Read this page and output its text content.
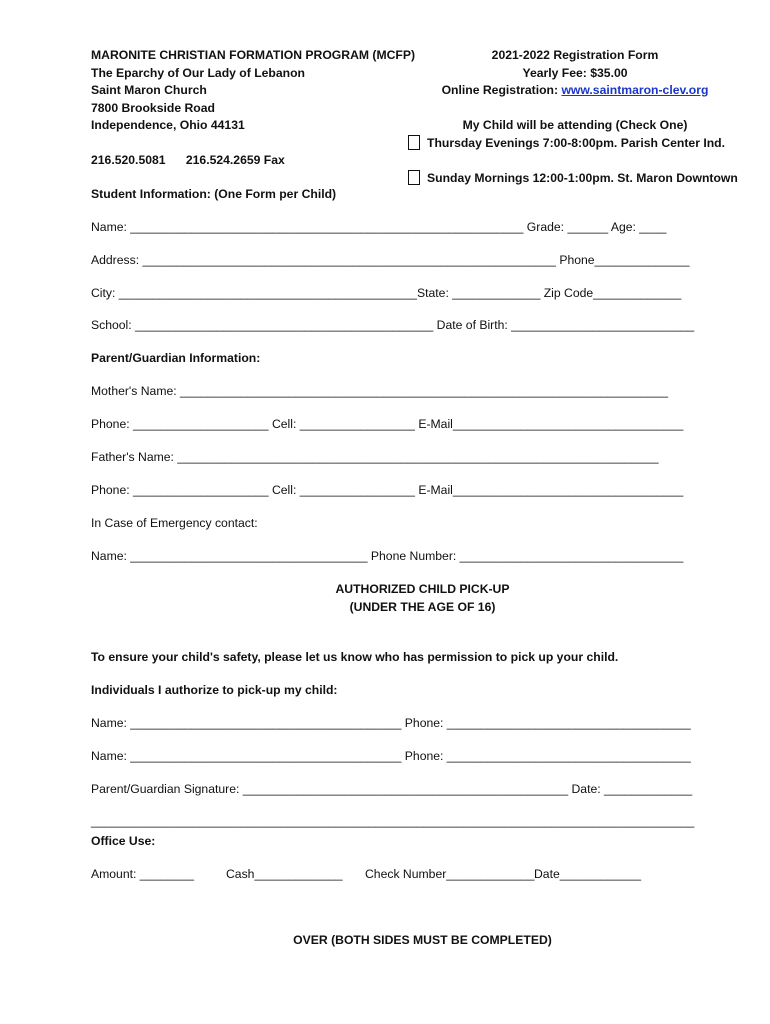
MARONITE CHRISTIAN FORMATION PROGRAM (MCFP)
The Eparchy of Our Lady of Lebanon
Saint Maron Church
7800 Brookside Road
Independence, Ohio 44131
216.520.5081      216.524.2659 Fax
2021-2022 Registration Form
Yearly Fee: $35.00
Online Registration: www.saintmaron-clev.org
My Child will be attending (Check One)
Thursday Evenings 7:00-8:00pm. Parish Center Ind.
Sunday Mornings 12:00-1:00pm. St. Maron Downtown
Student Information: (One Form per Child)
Name: __________________________________________________________ Grade: ______ Age: ____
Address: _____________________________________________________________ Phone______________
City: ____________________________________________State: _____________ Zip Code_____________
School: ____________________________________________ Date of Birth: ___________________________
Parent/Guardian Information:
Mother's Name: ________________________________________________________________________
Phone: ____________________ Cell: _________________ E-Mail__________________________________
Father's Name: _______________________________________________________________________
Phone: ____________________ Cell: _________________ E-Mail__________________________________
In Case of Emergency contact:
Name: ___________________________________ Phone Number: _________________________________
AUTHORIZED CHILD PICK-UP
(UNDER THE AGE OF 16)
To ensure your child's safety, please let us know who has permission to pick up your child.
Individuals I authorize to pick-up my child:
Name: ________________________________________ Phone: ____________________________________
Name: ________________________________________ Phone: ____________________________________
Parent/Guardian Signature: ________________________________________________ Date: _____________
_________________________________________________________________________________________
Office Use:
Amount: ________	Cash_____________ Check Number_____________ Date____________
OVER (BOTH SIDES MUST BE COMPLETED)
